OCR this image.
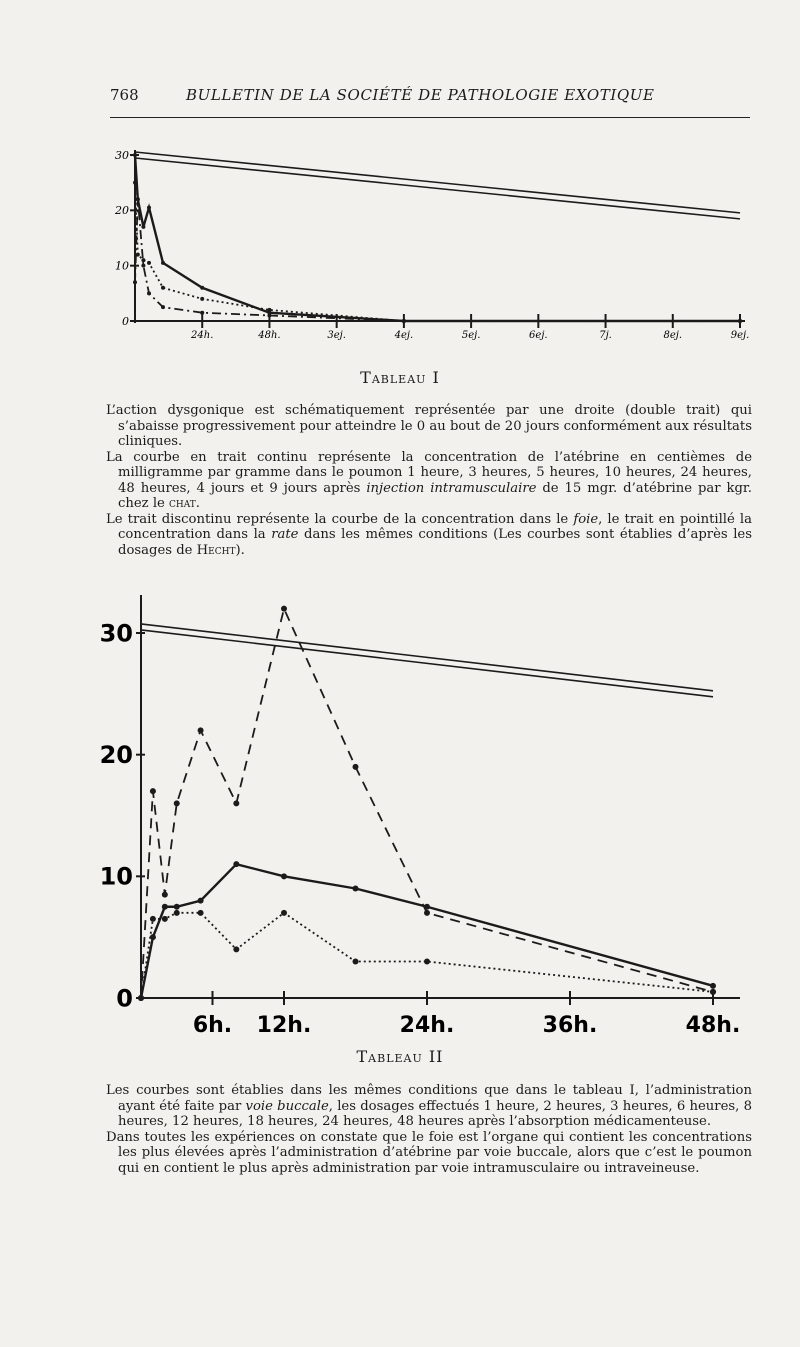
768	BULLETIN DE LA SOCIÉTÉ DE PATHOLOGIE EXOTIQUE
0
10
20
30
24h.	48h.	3ej.	4ej.	5ej.	6ej.	7j.	8ej.	9ej.
Tableau I

L’action dysgonique est schématiquement représentée par une droite (double trait) qui s’abaisse progressivement pour atteindre le 0 au bout de 20 jours conformément aux résultats cliniques.

La courbe en trait continu représente la concentration de l’atébrine en centièmes de milligramme par gramme dans le poumon 1 heure, 3 heures, 5 heures, 10 heures, 24 heures, 48 heures, 4 jours et 9 jours après injection intramusculaire de 15 mgr. d’atébrine par kgr. chez le chat.

Le trait discontinu représente la courbe de la concentration dans le foie, le trait en pointillé la concentration dans la rate dans les mêmes conditions (Les courbes sont établies d’après les dosages de Hecht).

0
10
20
30
6h. 12h.	24h.	36h.	48h.
Tableau II

Les courbes sont établies dans les mêmes conditions que dans le tableau I, l’administration ayant été faite par voie buccale, les dosages effectués 1 heure, 2 heures, 3 heures, 6 heures, 8 heures, 12 heures, 18 heures, 24 heures, 48 heures après l’absorption médicamenteuse.

Dans toutes les expériences on constate que le foie est l’organe qui contient les concentrations les plus élevées après l’administration d’atébrine par voie buccale, alors que c’est le poumon qui en contient le plus après administration par voie intramusculaire ou intraveineuse.
